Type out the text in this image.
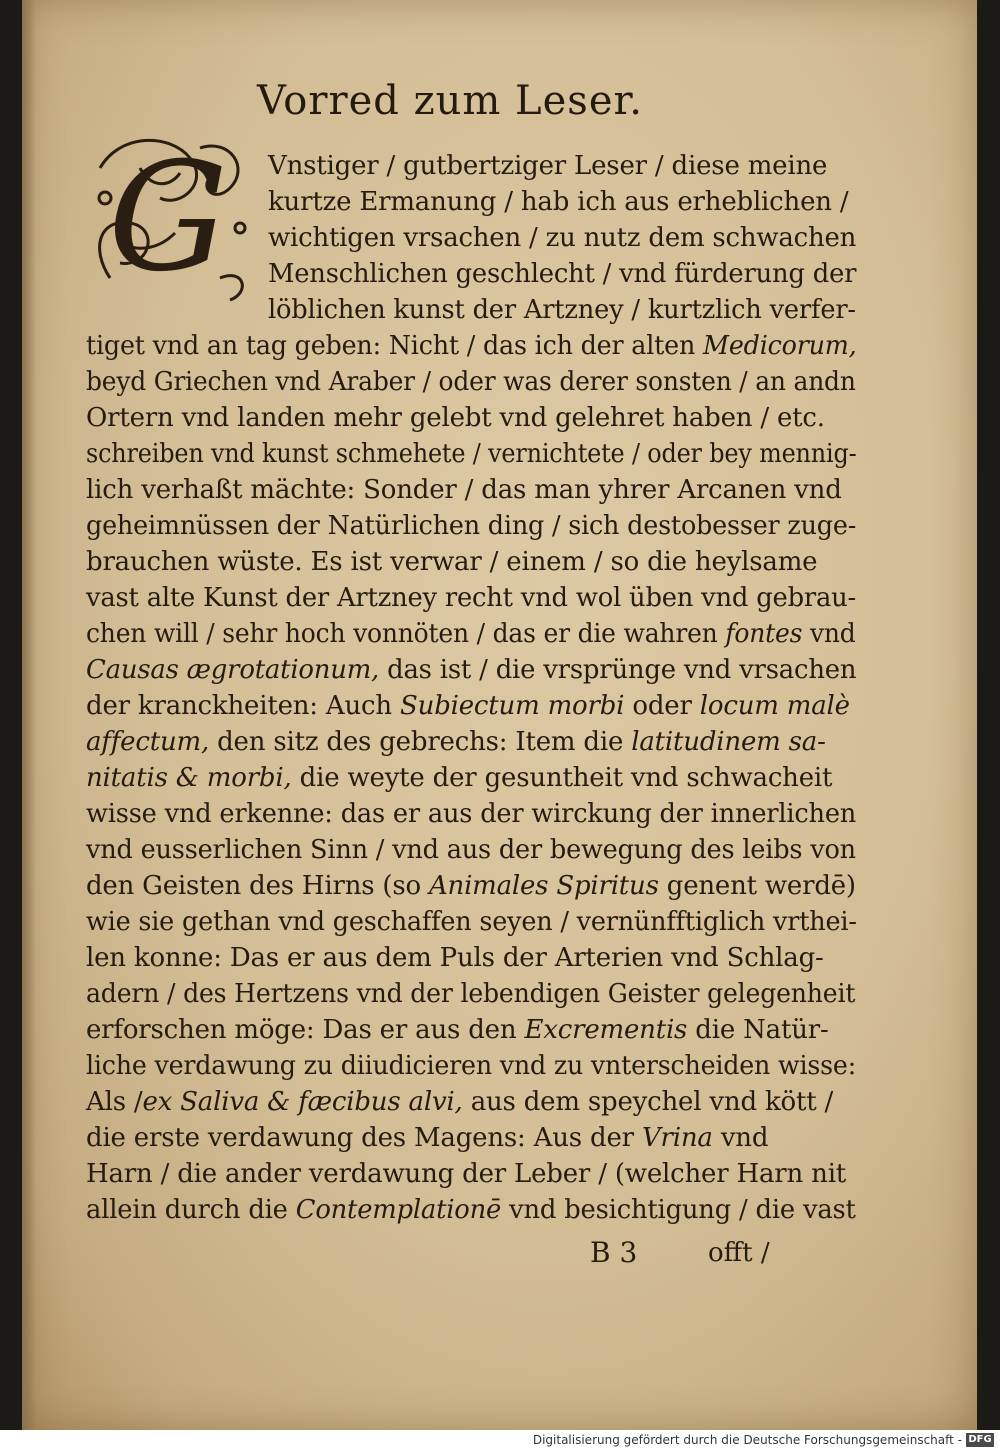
Vorred zum Leser.
G	Vnstiger / gutbertziger Leser / diese meine
kurtze Ermanung / hab ich aus erheblichen /
wichtigen vrsachen / zu nutz dem schwachen
Menschlichen geschlecht / vnd fürderung der
löblichen kunst der Artzney / kurtzlich verfer-
tiget vnd an tag geben: Nicht / das ich der alten Medicorum,
beyd Griechen vnd Araber / oder was derer sonsten / an andn
Ortern vnd landen mehr gelebt vnd gelehret haben / etc.
schreiben vnd kunst schmehete / vernichtete / oder bey mennig-
lich verhaßt mächte: Sonder / das man yhrer Arcanen vnd
geheimnüssen der Natürlichen ding / sich destobesser zuge-
brauchen wüste. Es ist verwar / einem / so die heylsame
vast alte Kunst der Artzney recht vnd wol üben vnd gebrau-
chen will / sehr hoch vonnöten / das er die wahren fontes vnd
Causas ægrotationum, das ist / die vrsprünge vnd vrsachen
der kranckheiten: Auch Subiectum morbi oder locum malè
affectum, den sitz des gebrechs: Item die latitudinem sa-
nitatis & morbi, die weyte der gesuntheit vnd schwacheit
wisse vnd erkenne: das er aus der wirckung der innerlichen
vnd eusserlichen Sinn / vnd aus der bewegung des leibs von
den Geisten des Hirns (so Animales Spiritus genent werdē)
wie sie gethan vnd geschaffen seyen / vernünfftiglich vrthei-
len konne: Das er aus dem Puls der Arterien vnd Schlag-
adern / des Hertzens vnd der lebendigen Geister gelegenheit
erforschen möge: Das er aus den Excrementis die Natür-
liche verdawung zu diiudicieren vnd zu vnterscheiden wisse:
Als /ex Saliva & fæcibus alvi, aus dem speychel vnd kött /
die erste verdawung des Magens: Aus der Vrina vnd
Harn / die ander verdawung der Leber / (welcher Harn nit
allein durch die Contemplationē vnd besichtigung / die vast
B 3	offt /
Digitalisierung gefördert durch die Deutsche Forschungsgemeinschaft - DFG
